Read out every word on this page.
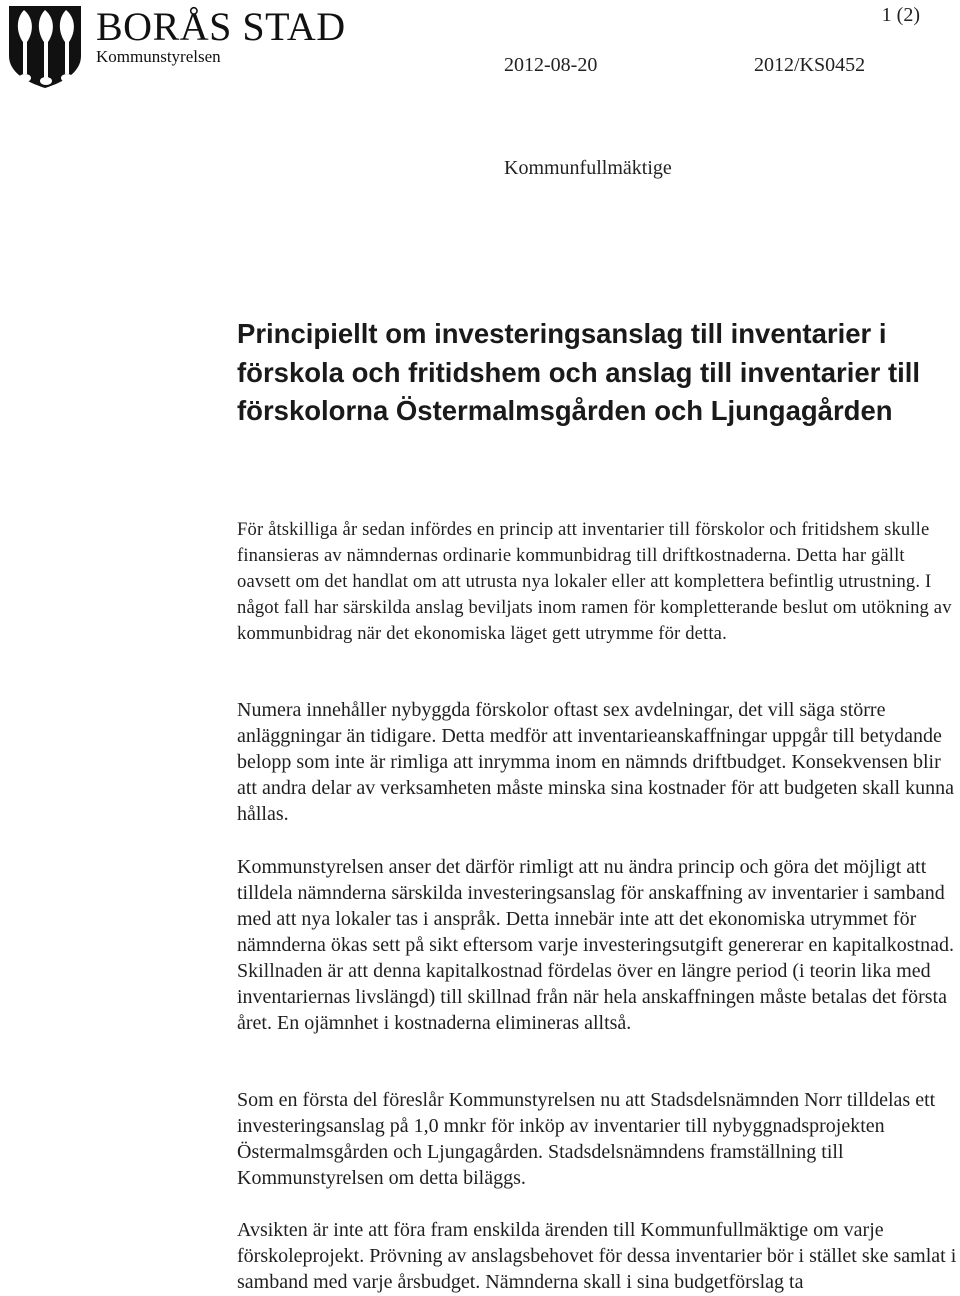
BORÅS STAD
Kommunstyrelsen
1 (2)
2012-08-20	2012/KS0452
Kommunfullmäktige
Principiellt om investeringsanslag till inventarier i förskola och fritidshem och anslag till inventarier till förskolorna Östermalmsgården och Ljungagården

För åtskilliga år sedan infördes en princip att inventarier till förskolor och fritidshem skulle finansieras av nämndernas ordinarie kommunbidrag till driftkostnaderna. Detta har gällt oavsett om det handlat om att utrusta nya lokaler eller att komplettera befintlig utrustning. I något fall har särskilda anslag beviljats inom ramen för kompletterande beslut om utökning av kommunbidrag när det ekonomiska läget gett utrymme för detta.

Numera innehåller nybyggda förskolor oftast sex avdelningar, det vill säga större anläggningar än tidigare. Detta medför att inventarieanskaffningar uppgår till betydande belopp som inte är rimliga att inrymma inom en nämnds driftbudget. Konsekvensen blir att andra delar av verksamheten måste minska sina kostnader för att budgeten skall kunna hållas.

Kommunstyrelsen anser det därför rimligt att nu ändra princip och göra det möjligt att tilldela nämnderna särskilda investeringsanslag för anskaffning av inventarier i samband med att nya lokaler tas i anspråk. Detta innebär inte att det ekonomiska utrymmet för nämnderna ökas sett på sikt eftersom varje investeringsutgift genererar en kapitalkostnad. Skillnaden är att denna kapitalkostnad fördelas över en längre period (i teorin lika med inventariernas livslängd) till skillnad från när hela anskaffningen måste betalas det första året. En ojämnhet i kostnaderna elimineras alltså.

Som en första del föreslår Kommunstyrelsen nu att Stadsdelsnämnden Norr tilldelas ett investeringsanslag på 1,0 mnkr för inköp av inventarier till nybyggnadsprojekten Östermalmsgården och Ljungagården. Stadsdelsnämndens framställning till Kommunstyrelsen om detta biläggs.

Avsikten är inte att föra fram enskilda ärenden till Kommunfullmäktige om varje förskoleprojekt. Prövning av anslagsbehovet för dessa inventarier bör i stället ske samlat i samband med varje årsbudget. Nämnderna skall i sina budgetförslag ta
